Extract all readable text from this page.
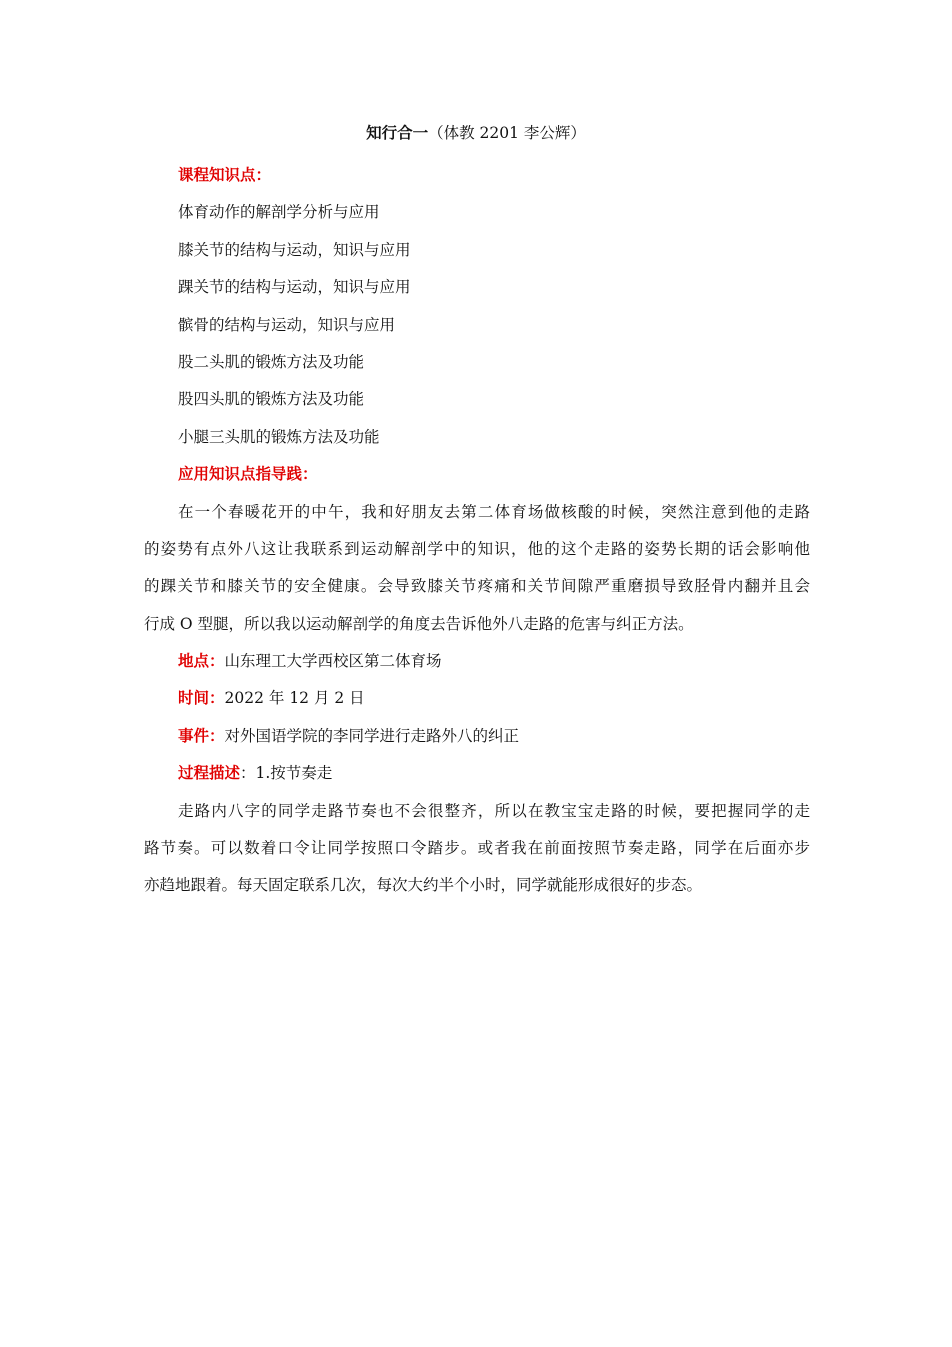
知行合一（体教 2201 李公辉）
课程知识点：
体育动作的解剖学分析与应用
膝关节的结构与运动，知识与应用
踝关节的结构与运动，知识与应用
髌骨的结构与运动，知识与应用
股二头肌的锻炼方法及功能
股四头肌的锻炼方法及功能
小腿三头肌的锻炼方法及功能
应用知识点指导践：
在一个春暖花开的中午，我和好朋友去第二体育场做核酸的时候，突然注意到他的走路
的姿势有点外八这让我联系到运动解剖学中的知识，他的这个走路的姿势长期的话会影响他
的踝关节和膝关节的安全健康。会导致膝关节疼痛和关节间隙严重磨损导致胫骨内翻并且会
行成 O 型腿，所以我以运动解剖学的角度去告诉他外八走路的危害与纠正方法。
地点：山东理工大学西校区第二体育场
时间：2022 年 12 月 2 日
事件：对外国语学院的李同学进行走路外八的纠正
过程描述：1.按节奏走
走路内八字的同学走路节奏也不会很整齐，所以在教宝宝走路的时候，要把握同学的走
路节奏。可以数着口令让同学按照口令踏步。或者我在前面按照节奏走路，同学在后面亦步
亦趋地跟着。每天固定联系几次，每次大约半个小时，同学就能形成很好的步态。
